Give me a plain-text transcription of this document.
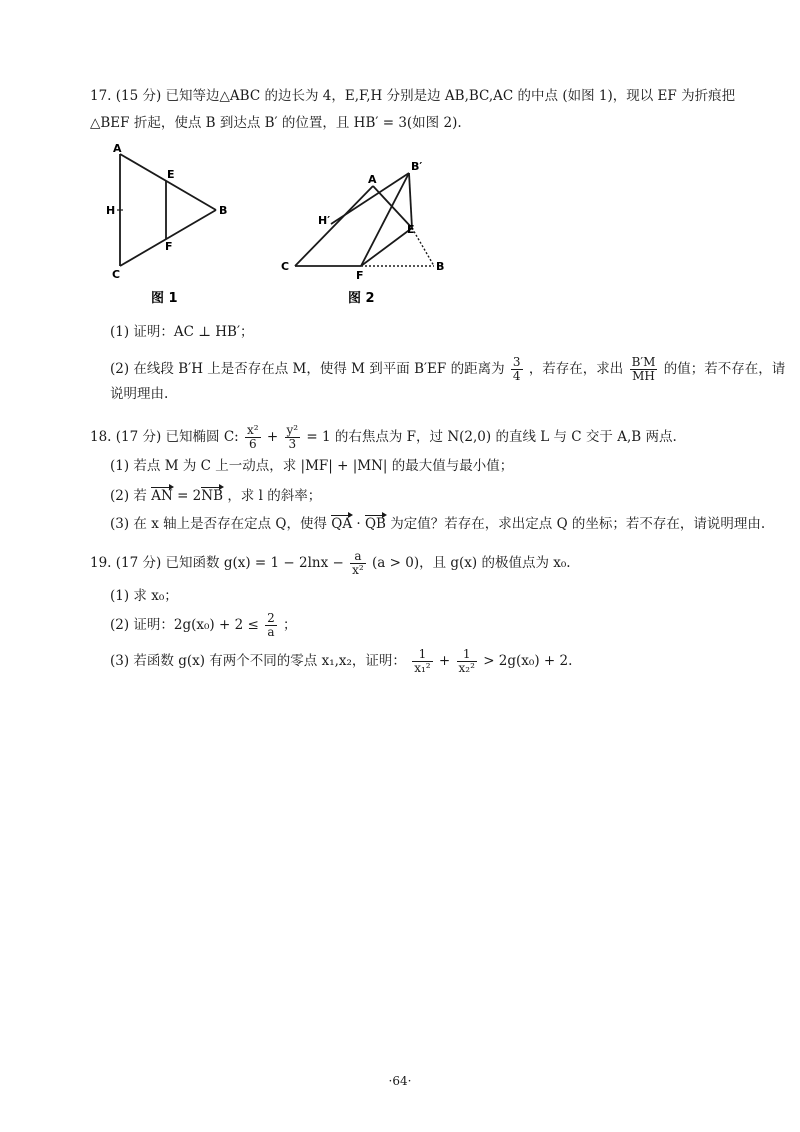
17. (15 分) 已知等边△ABC 的边长为 4，E,F,H 分别是边 AB,BC,AC 的中点 (如图 1)，现以 EF 为折痕把
△BEF 折起，使点 B 到达点 B′ 的位置，且 HB′ = 3(如图 2).
A
E
H	B
F
C
图 1
A
B′
H′
E
C
F
B
图 2
(1) 证明：AC ⊥ HB′；
(2) 在线段 B′H 上是否存在点 M，使得 M 到平面 B′EF 的距离为 $\frac{3}{4}$ ，若存在，求出 $\frac{B'M}{MH}$ 的值；若不存在，请
说明理由.
18. (17 分) 已知椭圆 C: $\frac{\text{x²}}{6} + \frac{\text{y²}}{3} = 1$ 的右焦点为 F，过 N(2,0) 的直线 L 与 C 交于 A,B 两点.
(1) 若点 M 为 C 上一动点，求 |MF| + |MN| 的最大值与最小值；
(2) 若 AN = 2NB ，求 l 的斜率；
(3) 在 x 轴上是否存在定点 Q，使得 QA · QB 为定值？若存在，求出定点 Q 的坐标；若不存在，请说明理由.
19. (17 分) 已知函数 $g(x) = 1 - 2\ln x - \frac{a}{\text{x²}} (a > 0)$，且 g(x) 的极值点为 x₀.
(1) 求 x₀；
(2) 证明：$2g(x_0) + 2 \le \frac{2}{a}$ ；
(3) 若函数 g(x) 有两个不同的零点 x₁,x₂，证明： $\frac{1}{\text{x₁²}} + \frac{1}{\text{x₂²}} > 2g(x_0) + 2$.
·64·
